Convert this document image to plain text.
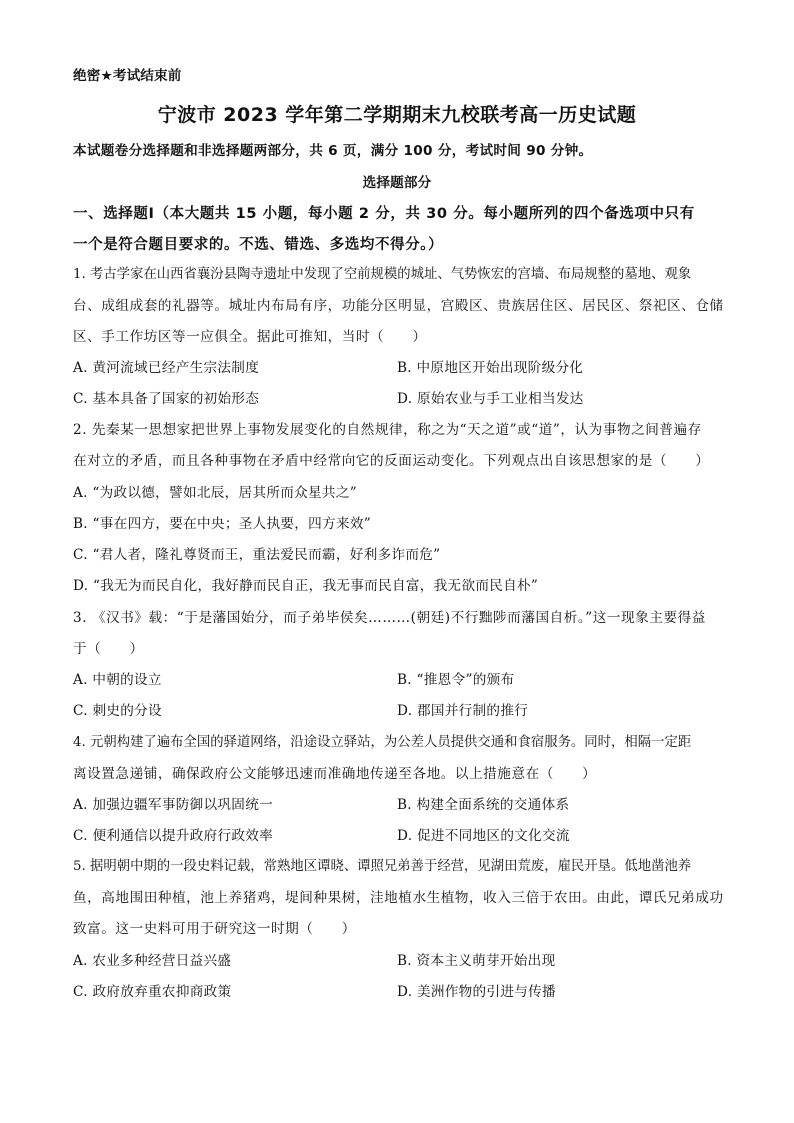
绝密★考试结束前
宁波市 2023 学年第二学期期末九校联考高一历史试题
本试题卷分选择题和非选择题两部分，共 6 页，满分 100 分，考试时间 90 分钟。
选择题部分
一、选择题Ⅰ（本大题共 15 小题，每小题 2 分，共 30 分。每小题所列的四个备选项中只有
一个是符合题目要求的。不选、错选、多选均不得分。）
1. 考古学家在山西省襄汾县陶寺遗址中发现了空前规模的城址、气势恢宏的宫墙、布局规整的墓地、观象
台、成组成套的礼器等。城址内布局有序，功能分区明显，宫殿区、贵族居住区、居民区、祭祀区、仓储
区、手工作坊区等一应俱全。据此可推知，当时（　　）
A. 黄河流域已经产生宗法制度	B. 中原地区开始出现阶级分化
C. 基本具备了国家的初始形态	D. 原始农业与手工业相当发达
2. 先秦某一思想家把世界上事物发展变化的自然规律，称之为“天之道”或“道”，认为事物之间普遍存
在对立的矛盾，而且各种事物在矛盾中经常向它的反面运动变化。下列观点出自该思想家的是（　　）
A. “为政以德，譬如北辰，居其所而众星共之”
B. “事在四方，要在中央；圣人执要，四方来效”
C. “君人者，隆礼尊贤而王，重法爱民而霸，好利多诈而危”
D. “我无为而民自化，我好静而民自正，我无事而民自富，我无欲而民自朴”
3. 《汉书》载：“于是藩国始分，而子弟毕侯矣………(朝廷)不行黜陟而藩国自析。”这一现象主要得益
于（　　）
A. 中朝的设立	B. “推恩令”的颁布
C. 刺史的分设	D. 郡国并行制的推行
4. 元朝构建了遍布全国的驿道网络，沿途设立驿站，为公差人员提供交通和食宿服务。同时，相隔一定距
离设置急递铺，确保政府公文能够迅速而准确地传递至各地。以上措施意在（　　）
A. 加强边疆军事防御以巩固统一	B. 构建全面系统的交通体系
C. 便利通信以提升政府行政效率	D. 促进不同地区的文化交流
5. 据明朝中期的一段史料记载，常熟地区谭晓、谭照兄弟善于经营，见湖田荒废，雇民开垦。低地凿池养
鱼，高地围田种植，池上养猪鸡，堤间种果树，洼地植水生植物，收入三倍于农田。由此，谭氏兄弟成功
致富。这一史料可用于研究这一时期（　　）
A. 农业多种经营日益兴盛	B. 资本主义萌芽开始出现
C. 政府放弃重农抑商政策	D. 美洲作物的引进与传播
